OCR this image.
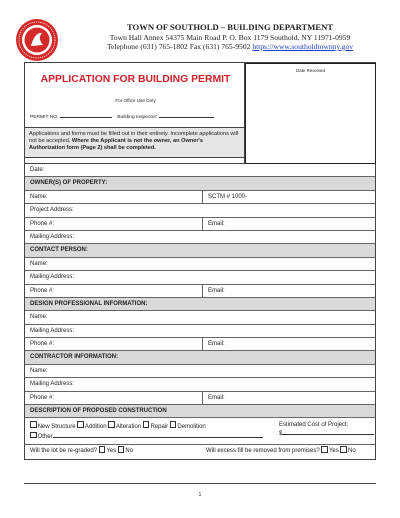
TOWN OF SOUTHOLD – BUILDING DEPARTMENT
Town Hall Annex 54375 Main Road P. O. Box 1179 Southold, NY 11971-0959
Telephone (631) 765-1802 Fax (631) 765-9502 https://www.southoldtownny.gov
APPLICATION FOR BUILDING PERMIT
For Office Use Only
PERMIT NO.	Building Inspector:
Applications and forms must be filled out in their entirety. Incomplete applications will not be accepted. Where the Applicant is not the owner, an Owner's Authorization form (Page 2) shall be completed.
Date Received
Date:
OWNER(S) OF PROPERTY:
Name:	SCTM # 1000-
Project Address:
Phone #:	Email:
Mailing Address:
CONTACT PERSON:
Name:
Mailing Address:
Phone #:	Email:
DESIGN PROFESSIONAL INFORMATION:
Name:
Mailing Address:
Phone #:	Email:
CONTRACTOR INFORMATION:
Name:
Mailing Address:
Phone #:	Email:
DESCRIPTION OF PROPOSED CONSTRUCTION
New Structure Addition Alteration Repair Demolition
Other
Estimated Cost of Project:
$
Will the lot be re-graded? Yes No	Will excess fill be removed from premises? Yes No
1
